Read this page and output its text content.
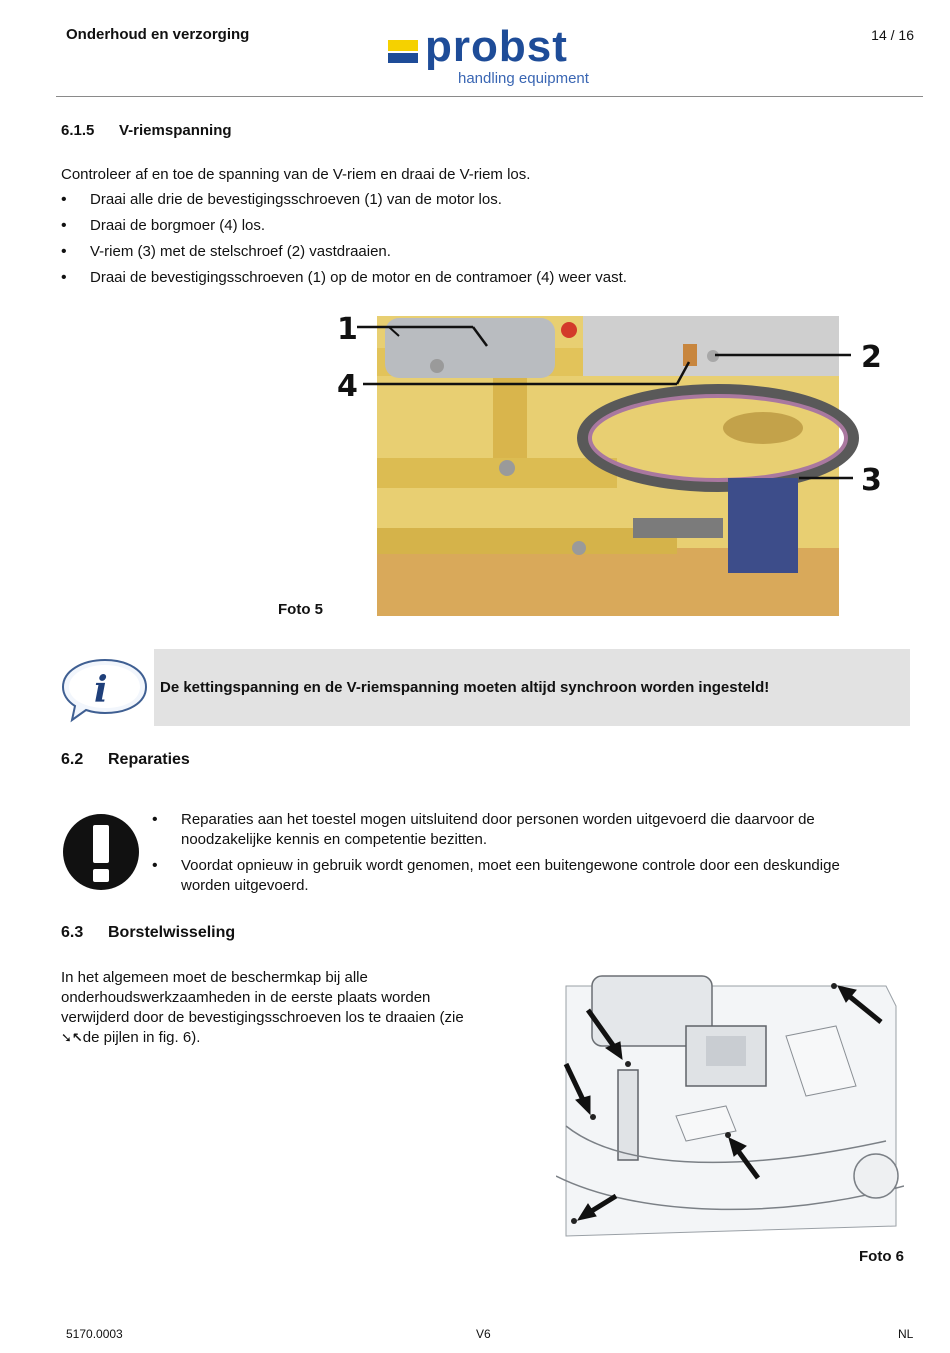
Onderhoud en verzorging	14 / 16
probst
handling equipment
6.1.5 V-riemspanning
Controleer af en toe de spanning van de V-riem en draai de V-riem los.
• Draai alle drie de bevestigingsschroeven (1) van de motor los.
• Draai de borgmoer (4) los.
• V-riem (3) met de stelschroef (2) vastdraaien.
• Draai de bevestigingsschroeven (1) op de motor en de contramoer (4) weer vast.
1
4
2
3
Foto 5
i	De kettingspanning en de V-riemspanning moeten altijd synchroon worden ingesteld!
6.2 Reparaties
• Reparaties aan het toestel mogen uitsluitend door personen worden uitgevoerd die daarvoor de noodzakelijke kennis en competentie bezitten.
• Voordat opnieuw in gebruik wordt genomen, moet een buitengewone controle door een deskundige worden uitgevoerd.
6.3 Borstelwisseling
In het algemeen moet de beschermkap bij alle onderhoudswerkzaamheden in de eerste plaats worden verwijderd door de bevestigingsschroeven los te draaien (zie ➘↖de pijlen in fig. 6).
Foto 6
5170.0003	V6	NL
